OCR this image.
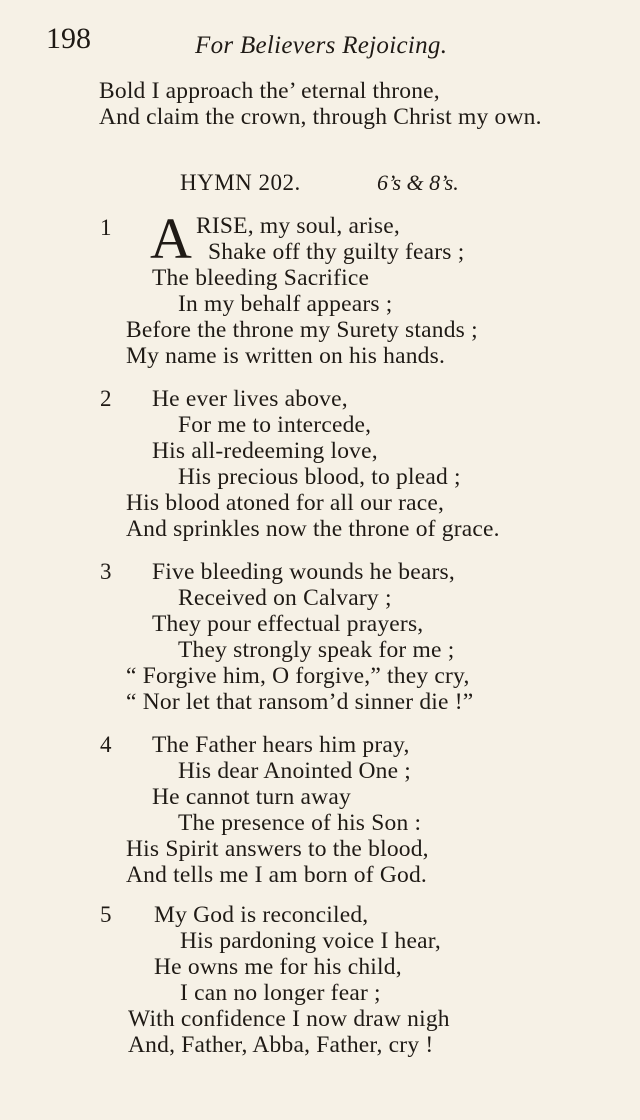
198	For Believers Rejoicing.
Bold I approach the’ eternal throne,
And claim the crown, through Christ my own.
HYMN 202.	6’s & 8’s.
1 A RISE, my soul, arise,
Shake off thy guilty fears ;
The bleeding Sacrifice
In my behalf appears ;
Before the throne my Surety stands ;
My name is written on his hands.
2 He ever lives above,
For me to intercede,
His all-redeeming love,
His precious blood, to plead ;
His blood atoned for all our race,
And sprinkles now the throne of grace.
3 Five bleeding wounds he bears,
Received on Calvary ;
They pour effectual prayers,
They strongly speak for me ;
“ Forgive him, O forgive,” they cry,
“ Nor let that ransom’d sinner die !”
4 The Father hears him pray,
His dear Anointed One ;
He cannot turn away
The presence of his Son :
His Spirit answers to the blood,
And tells me I am born of God.
5 My God is reconciled,
His pardoning voice I hear,
He owns me for his child,
I can no longer fear ;
With confidence I now draw nigh
And, Father, Abba, Father, cry !
